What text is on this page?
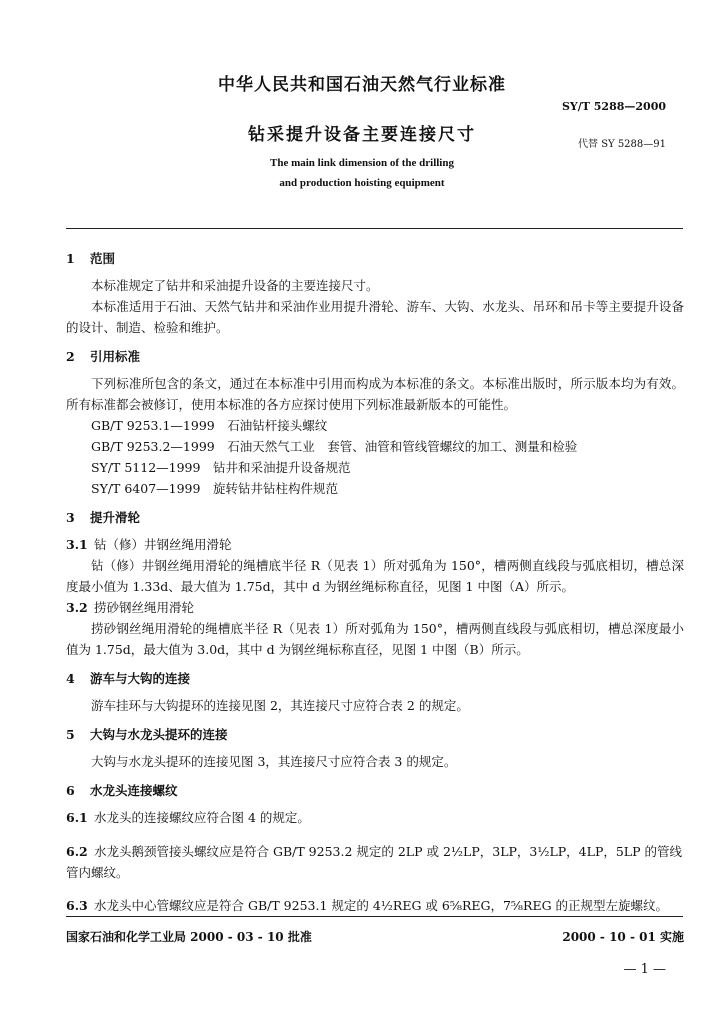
中华人民共和国石油天然气行业标准
SY/T 5288—2000
钻采提升设备主要连接尺寸	代替 SY 5288—91
The main link dimension of the drilling
and production hoisting equipment
1 范围

本标准规定了钻井和采油提升设备的主要连接尺寸。

本标准适用于石油、天然气钻井和采油作业用提升滑轮、游车、大钩、水龙头、吊环和吊卡等主要提升设备的设计、制造、检验和维护。

2 引用标准

下列标准所包含的条文，通过在本标准中引用而构成为本标准的条文。本标准出版时，所示版本均为有效。所有标准都会被修订，使用本标准的各方应探讨使用下列标准最新版本的可能性。

GB/T 9253.1—1999　石油钻杆接头螺纹

GB/T 9253.2—1999　石油天然气工业　套管、油管和管线管螺纹的加工、测量和检验

SY/T 5112—1999　钻井和采油提升设备规范

SY/T 6407—1999　旋转钻井钻柱构件规范

3 提升滑轮
3.1 钻（修）井钢丝绳用滑轮

钻（修）井钢丝绳用滑轮的绳槽底半径 R（见表 1）所对弧角为 150°，槽两侧直线段与弧底相切，槽总深度最小值为 1.33d、最大值为 1.75d，其中 d 为钢丝绳标称直径，见图 1 中图（A）所示。

3.2 捞砂钢丝绳用滑轮

捞砂钢丝绳用滑轮的绳槽底半径 R（见表 1）所对弧角为 150°，槽两侧直线段与弧底相切，槽总深度最小值为 1.75d，最大值为 3.0d，其中 d 为钢丝绳标称直径，见图 1 中图（B）所示。

4 游车与大钩的连接

游车挂环与大钩提环的连接见图 2，其连接尺寸应符合表 2 的规定。

5 大钩与水龙头提环的连接

大钩与水龙头提环的连接见图 3，其连接尺寸应符合表 3 的规定。

6 水龙头连接螺纹

6.1 水龙头的连接螺纹应符合图 4 的规定。

6.2 水龙头鹅颈管接头螺纹应是符合 GB/T 9253.2 规定的 2LP 或 2½LP，3LP，3½LP，4LP，5LP 的管线管内螺纹。

6.3 水龙头中心管螺纹应是符合 GB/T 9253.1 规定的 4½REG 或 6⅝REG，7⅝REG 的正规型左旋螺纹。

国家石油和化学工业局 2000 - 03 - 10 批准	2000 - 10 - 01 实施
— 1 —
